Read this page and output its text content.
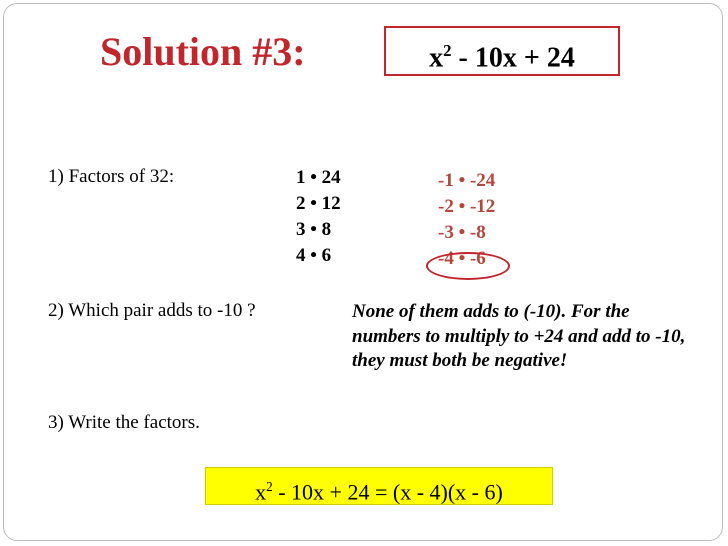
Solution #3:	$x^2 - 10x + 24$
1) Factors of 32:	1 • 24
2 • 12
3 • 8
4 • 6
-1 • -24
-2 • -12
-3 • -8
-4 • -6
2) Which pair adds to -10 ?	None of them adds to (-10). For the numbers to multiply to +24 and add to -10, they must both be negative!
3) Write the factors.
$x^2 - 10x + 24 = (x - 4)(x - 6)$
